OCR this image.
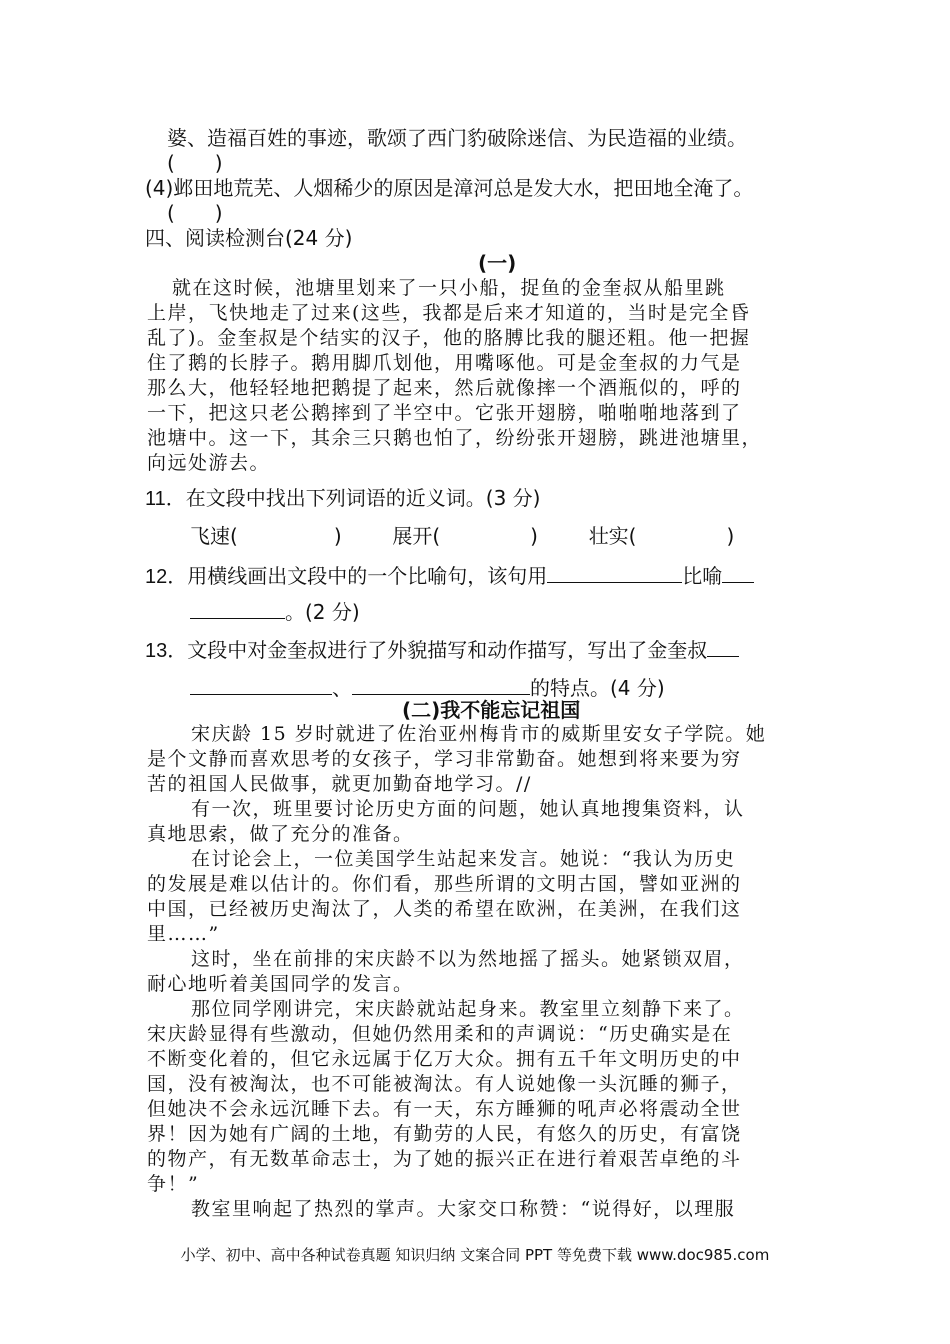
婆、造福百姓的事迹，歌颂了西门豹破除迷信、为民造福的业绩。
(　　)
(4)邺田地荒芜、人烟稀少的原因是漳河总是发大水，把田地全淹了。
(　　)
四、阅读检测台(24 分)
(一)
就在这时候，池塘里划来了一只小船，捉鱼的金奎叔从船里跳
上岸，飞快地走了过来(这些，我都是后来才知道的，当时是完全昏
乱了)。金奎叔是个结实的汉子，他的胳膊比我的腿还粗。他一把握
住了鹅的长脖子。鹅用脚爪划他，用嘴啄他。可是金奎叔的力气是
那么大，他轻轻地把鹅提了起来，然后就像摔一个酒瓶似的，呼的
一下，把这只老公鹅摔到了半空中。它张开翅膀，啪啪啪地落到了
池塘中。这一下，其余三只鹅也怕了，纷纷张开翅膀，跳进池塘里，
向远处游去。
11．在文段中找出下列词语的近义词。(3 分)
飞速(	)	展开(	)	壮实(	)
12．用横线画出文段中的一个比喻句，该句用	比喻
。(2 分)
13．文段中对金奎叔进行了外貌描写和动作描写，写出了金奎叔
、	的特点。(4 分)
(二)我不能忘记祖国
宋庆龄 15 岁时就进了佐治亚州梅肯市的威斯里安女子学院。她
是个文静而喜欢思考的女孩子，学习非常勤奋。她想到将来要为穷
苦的祖国人民做事，就更加勤奋地学习。//
有一次，班里要讨论历史方面的问题，她认真地搜集资料，认
真地思索，做了充分的准备。
在讨论会上，一位美国学生站起来发言。她说：“我认为历史
的发展是难以估计的。你们看，那些所谓的文明古国，譬如亚洲的
中国，已经被历史淘汰了，人类的希望在欧洲，在美洲，在我们这
里……”
这时，坐在前排的宋庆龄不以为然地摇了摇头。她紧锁双眉，
耐心地听着美国同学的发言。
那位同学刚讲完，宋庆龄就站起身来。教室里立刻静下来了。
宋庆龄显得有些激动，但她仍然用柔和的声调说：“历史确实是在
不断变化着的，但它永远属于亿万大众。拥有五千年文明历史的中
国，没有被淘汰，也不可能被淘汰。有人说她像一头沉睡的狮子，
但她决不会永远沉睡下去。有一天，东方睡狮的吼声必将震动全世
界！因为她有广阔的土地，有勤劳的人民，有悠久的历史，有富饶
的物产，有无数革命志士，为了她的振兴正在进行着艰苦卓绝的斗
争！”
教室里响起了热烈的掌声。大家交口称赞：“说得好，以理服
小学、初中、高中各种试卷真题 知识归纳 文案合同 PPT 等免费下载 www.doc985.com
